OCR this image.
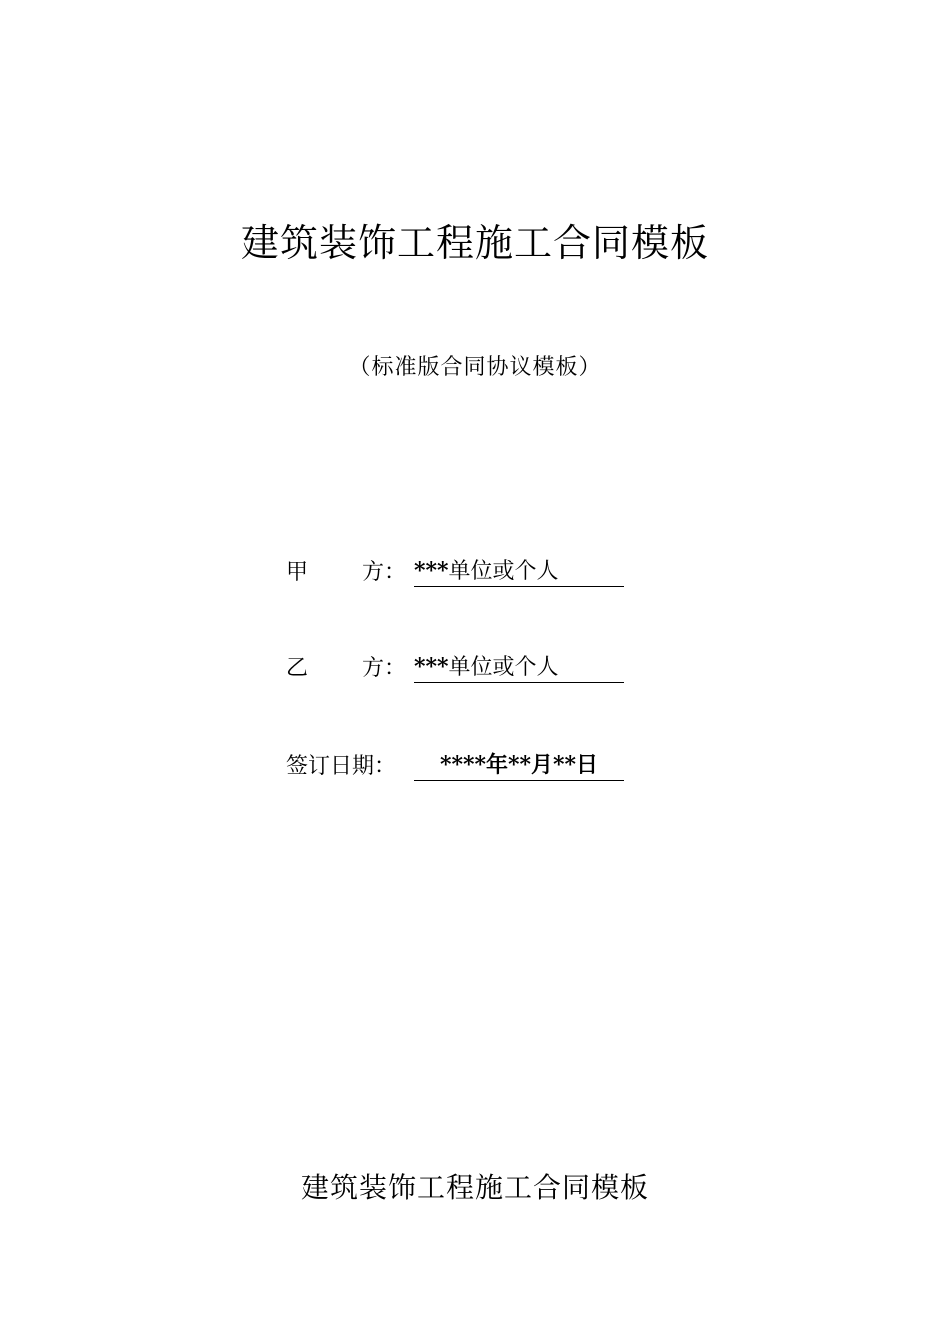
建筑装饰工程施工合同模板
（标准版合同协议模板）
甲 方： ***单位或个人
乙 方： ***单位或个人
签订日期：	****年**月**日
建筑装饰工程施工合同模板
